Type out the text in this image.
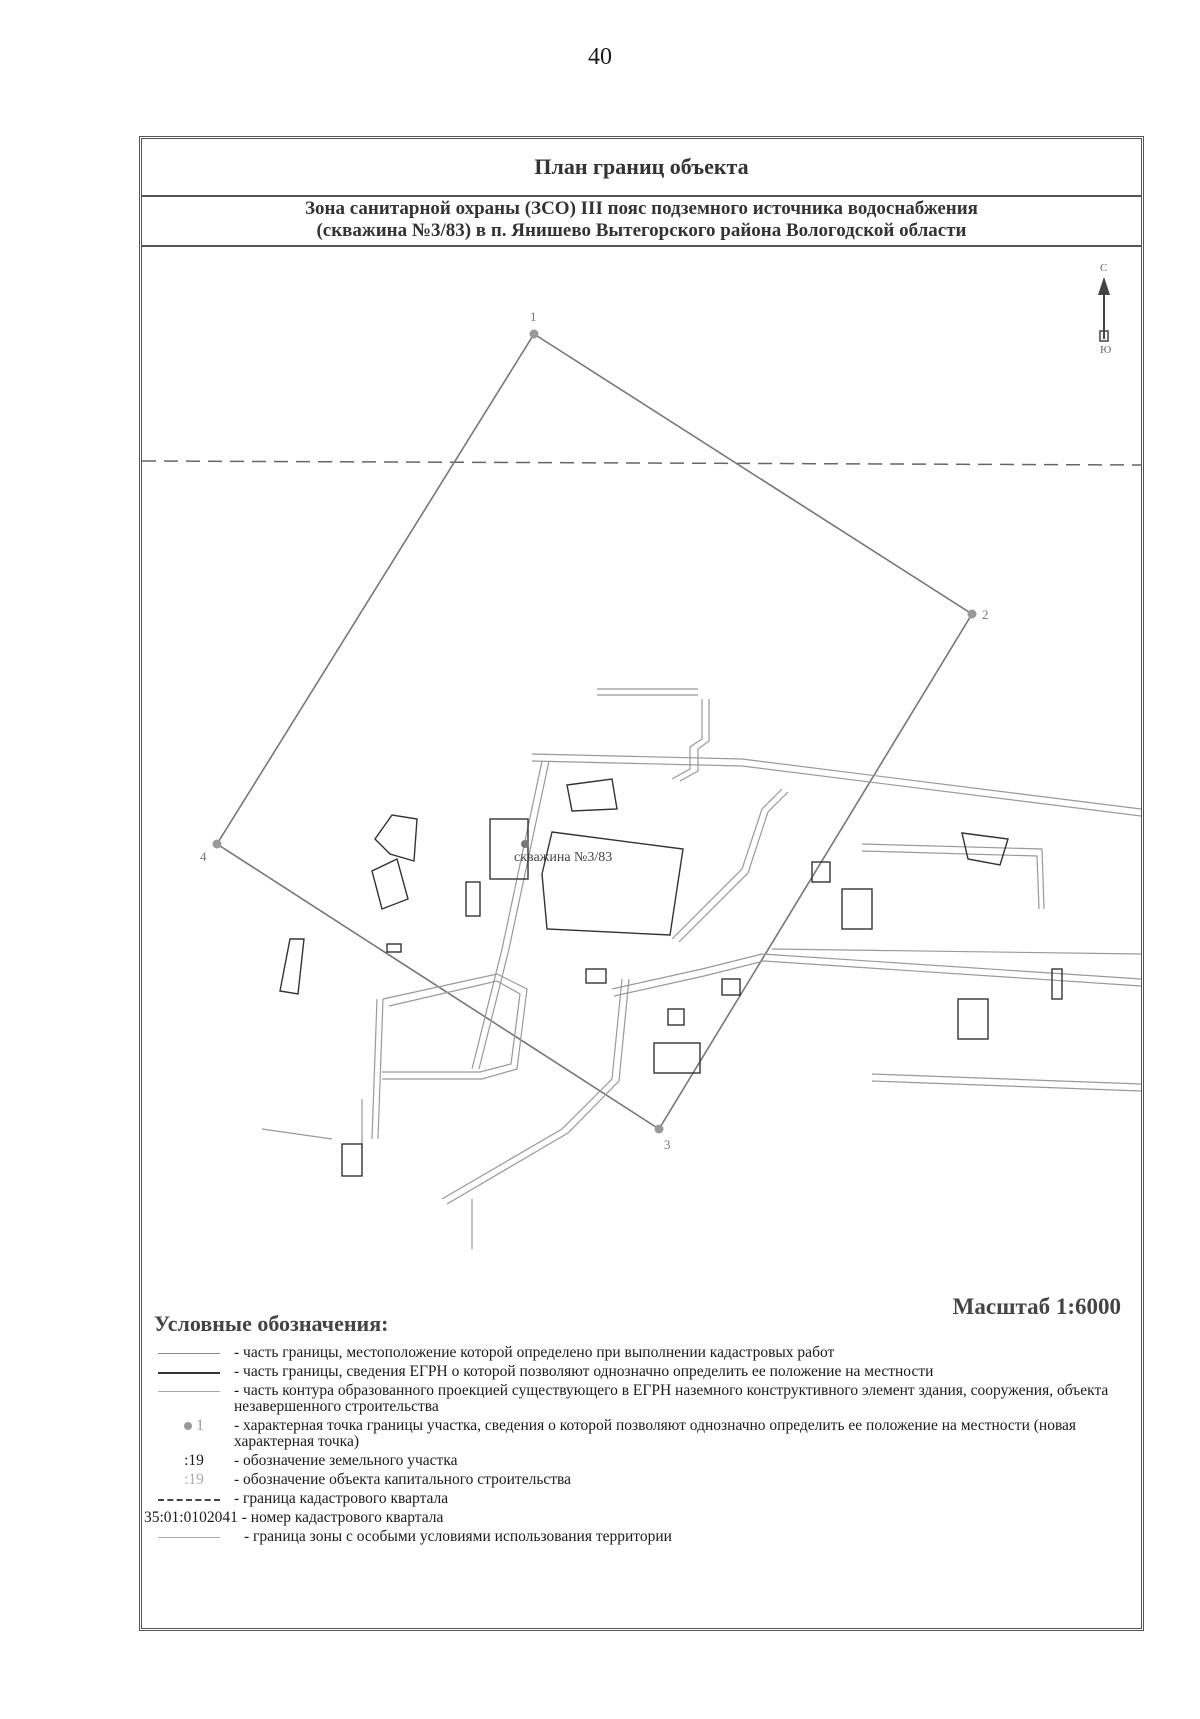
40
План границ объекта
Зона санитарной охраны (ЗСО) III пояс подземного источника водоснабжения
(скважина №3/83) в п. Янишево Вытегорского района Вологодской области
1
2
3
4
С
Ю
скважина №3/83
Масштаб 1:6000
Условные обозначения:
- часть границы, местоположение которой определено при выполнении кадастровых работ
- часть границы, сведения ЕГРН о которой позволяют однозначно определить ее положение на местности
- часть контура образованного проекцией существующего в ЕГРН наземного конструктивного элемент здания, сооружения, объекта незавершенного строительства
1	- характерная точка границы участка, сведения о которой позволяют однозначно определить ее положение на местности (новая характерная точка)
:19	- обозначение земельного участка
:19	- обозначение объекта капитального строительства
- граница кадастрового квартала
35:01:0102041
- номер кадастрового квартала
- граница зоны с особыми условиями использования территории
